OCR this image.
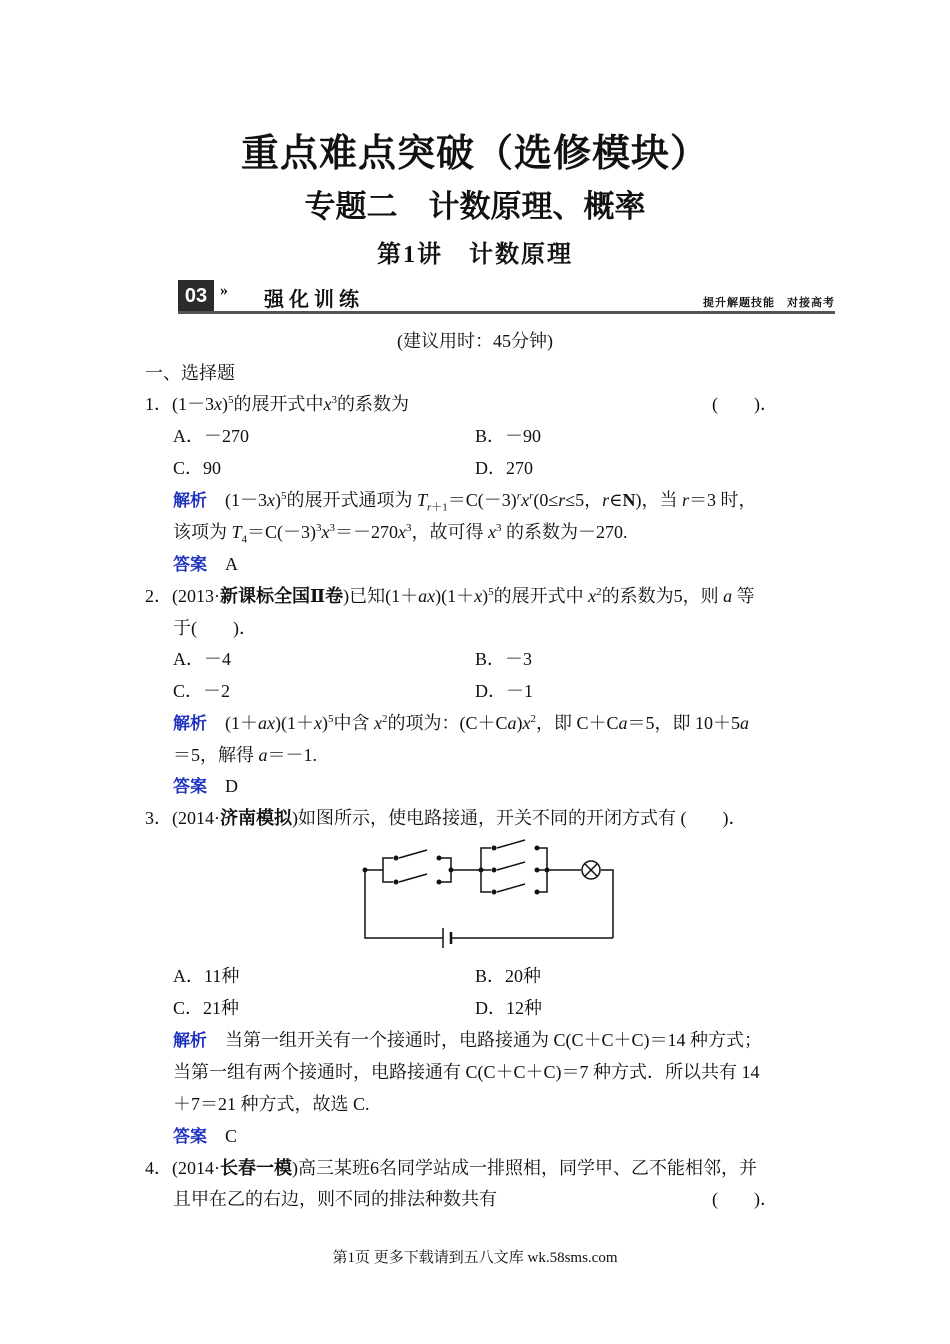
重点难点突破（选修模块）
专题二　计数原理、概率
第1讲　计数原理
03 » 强化训练	提升解题技能　对接高考
(建议用时：45分钟)
一、选择题
1．$(1-3x)^5$的展开式中$x^3$的系数为	(　　)．
A．－270	B．－90
C．90	D．270
解析　$(1-3x)^5$的展开式通项为 $T_{r+1}=C(-3)^rx^r(0\le r\le 5$，r∈N)，当 r＝3 时，
该项为 $T_4=C(-3)^3x^3=-270x^3$，故可得 $x^3$ 的系数为－270.
答案　 A
2．(2013·新课标全国Ⅱ卷)已知$(1+ax)(1+x)^5$的展开式中 $x^2$的系数为5，则 a 等
于(　　)．
A．－4	B．－3
C．－2	D．－1
解析　$(1+ax)(1+x)^5$中含 $x^2$的项为：$(C+Ca)x^2$，即 C＋Ca＝5，即 10＋5a
＝5，解得 a＝－1.
答案　 D
3．(2014·济南模拟)如图所示，使电路接通，开关不同的开闭方式有 (　　)．
A．11种	B．20种
C．21种	D．12种
解析　当第一组开关有一个接通时，电路接通为 C(C＋C＋C)＝14 种方式；
当第一组有两个接通时，电路接通有 C(C＋C＋C)＝7 种方式．所以共有 14
＋7＝21 种方式，故选 C.
答案　 C
4．(2014·长春一模)高三某班6名同学站成一排照相，同学甲、乙不能相邻，并
且甲在乙的右边，则不同的排法种数共有	(　　)．
第1页 更多下载请到五八文库 wk.58sms.com
